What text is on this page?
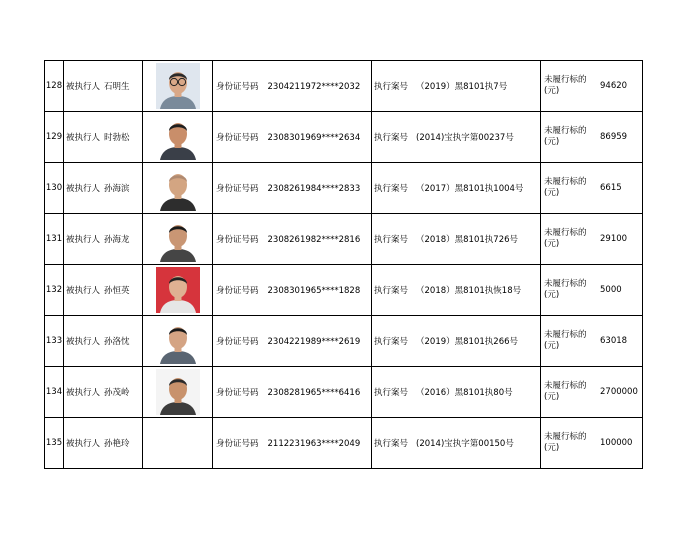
128	被执行人 石明生		身份证号码 2304211972****2032	执行案号 （2019）黑8101执7号	未履行标的(元) 94620

129	被执行人 时勃松		身份证号码 2308301969****2634	执行案号 (2014)宝执字第00237号	未履行标的(元) 86959

130	被执行人 孙海滨		身份证号码 2308261984****2833	执行案号 （2017）黑8101执1004号	未履行标的(元) 6615

131	被执行人 孙海龙		身份证号码 2308261982****2816	执行案号 （2018）黑8101执726号	未履行标的(元) 29100

132	被执行人 孙恒英		身份证号码 2308301965****1828	执行案号 （2018）黑8101执恢18号	未履行标的(元) 5000

133	被执行人 孙洛忱		身份证号码 2304221989****2619	执行案号 （2019）黑8101执266号	未履行标的(元) 63018

134	被执行人 孙茂岭		身份证号码 2308281965****6416	执行案号 （2016）黑8101执80号	未履行标的(元) 2700000

135	被执行人 孙艳玲		身份证号码 2112231963****2049	执行案号 (2014)宝执字第00150号	未履行标的(元) 100000
